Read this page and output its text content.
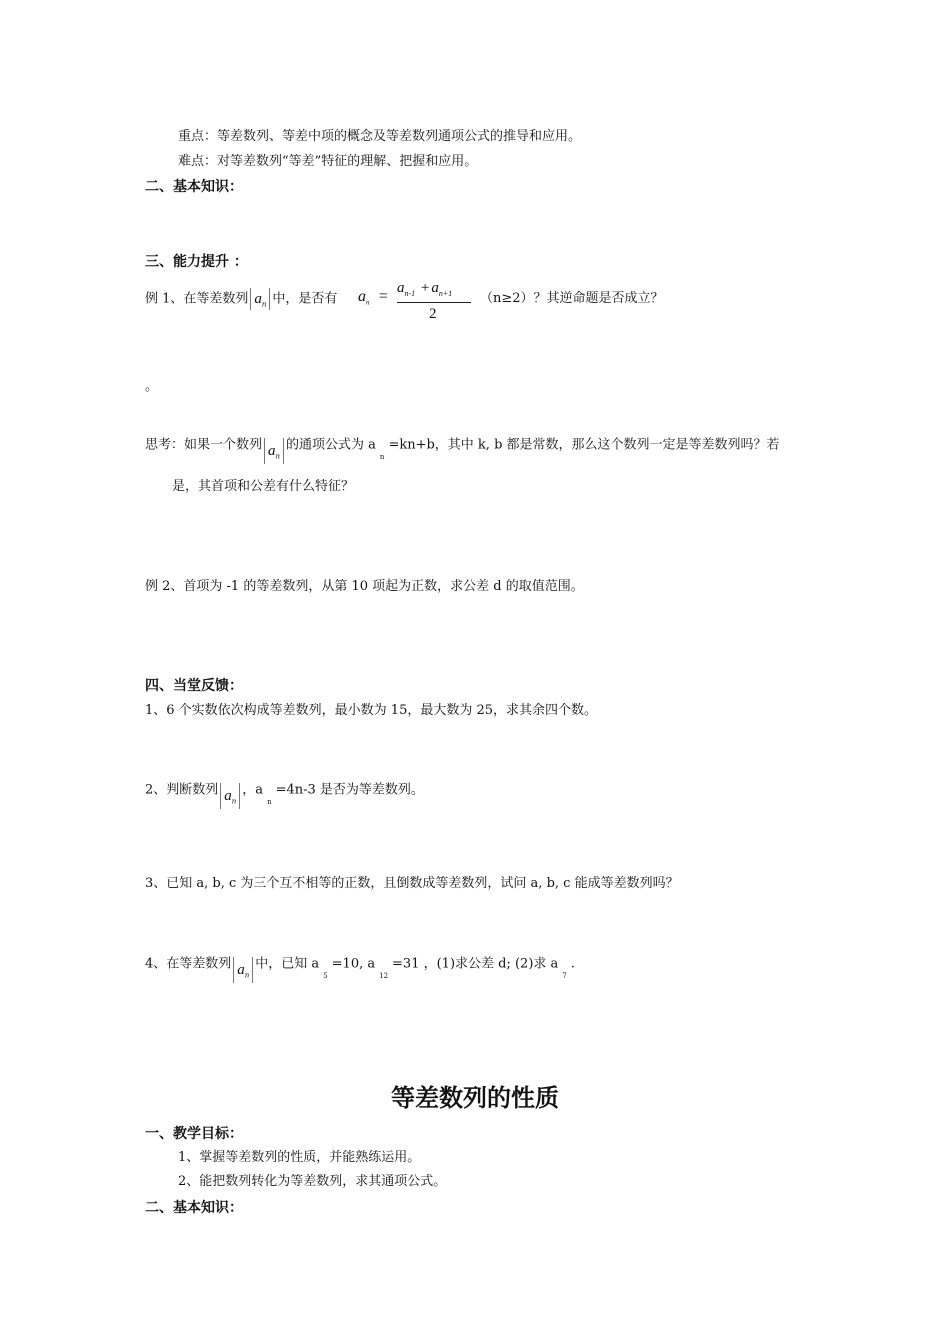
重点：等差数列、等差中项的概念及等差数列通项公式的推导和应用。
难点：对等差数列“等差”特征的理解、把握和应用。
二、基本知识：
三、能力提升 ：
例 1、在等差数列 $a_n$ 中，是否有 $a_n = a_{n-1} + a_{n+1}$
2
（n≥2）？其逆命题是否成立？
。
思考：如果一个数列 $a_n$的通项公式为 $a_n=kn+b$，其中 k, b 都是常数，那么这个数列一定是等差数列吗？若
是，其首项和公差有什么特征？
例 2、首项为 -1 的等差数列，从第 10 项起为正数，求公差 d 的取值范围。
四、当堂反馈：
1、6 个实数依次构成等差数列，最小数为 15，最大数为 25，求其余四个数。
2、判断数列 $a_n$，$a_n=4n-3$ 是否为等差数列。
3、已知 a, b, c 为三个互不相等的正数，且倒数成等差数列，试问 a, b, c 能成等差数列吗？
4、在等差数列 $a_n$中，已知 $a_5=10$, $a_{12}=31$ ，(1)求公差 d; (2)求 $a_7$.
等差数列的性质
一、教学目标：
1、掌握等差数列的性质，并能熟练运用。
2、能把数列转化为等差数列，求其通项公式。
二、基本知识：
